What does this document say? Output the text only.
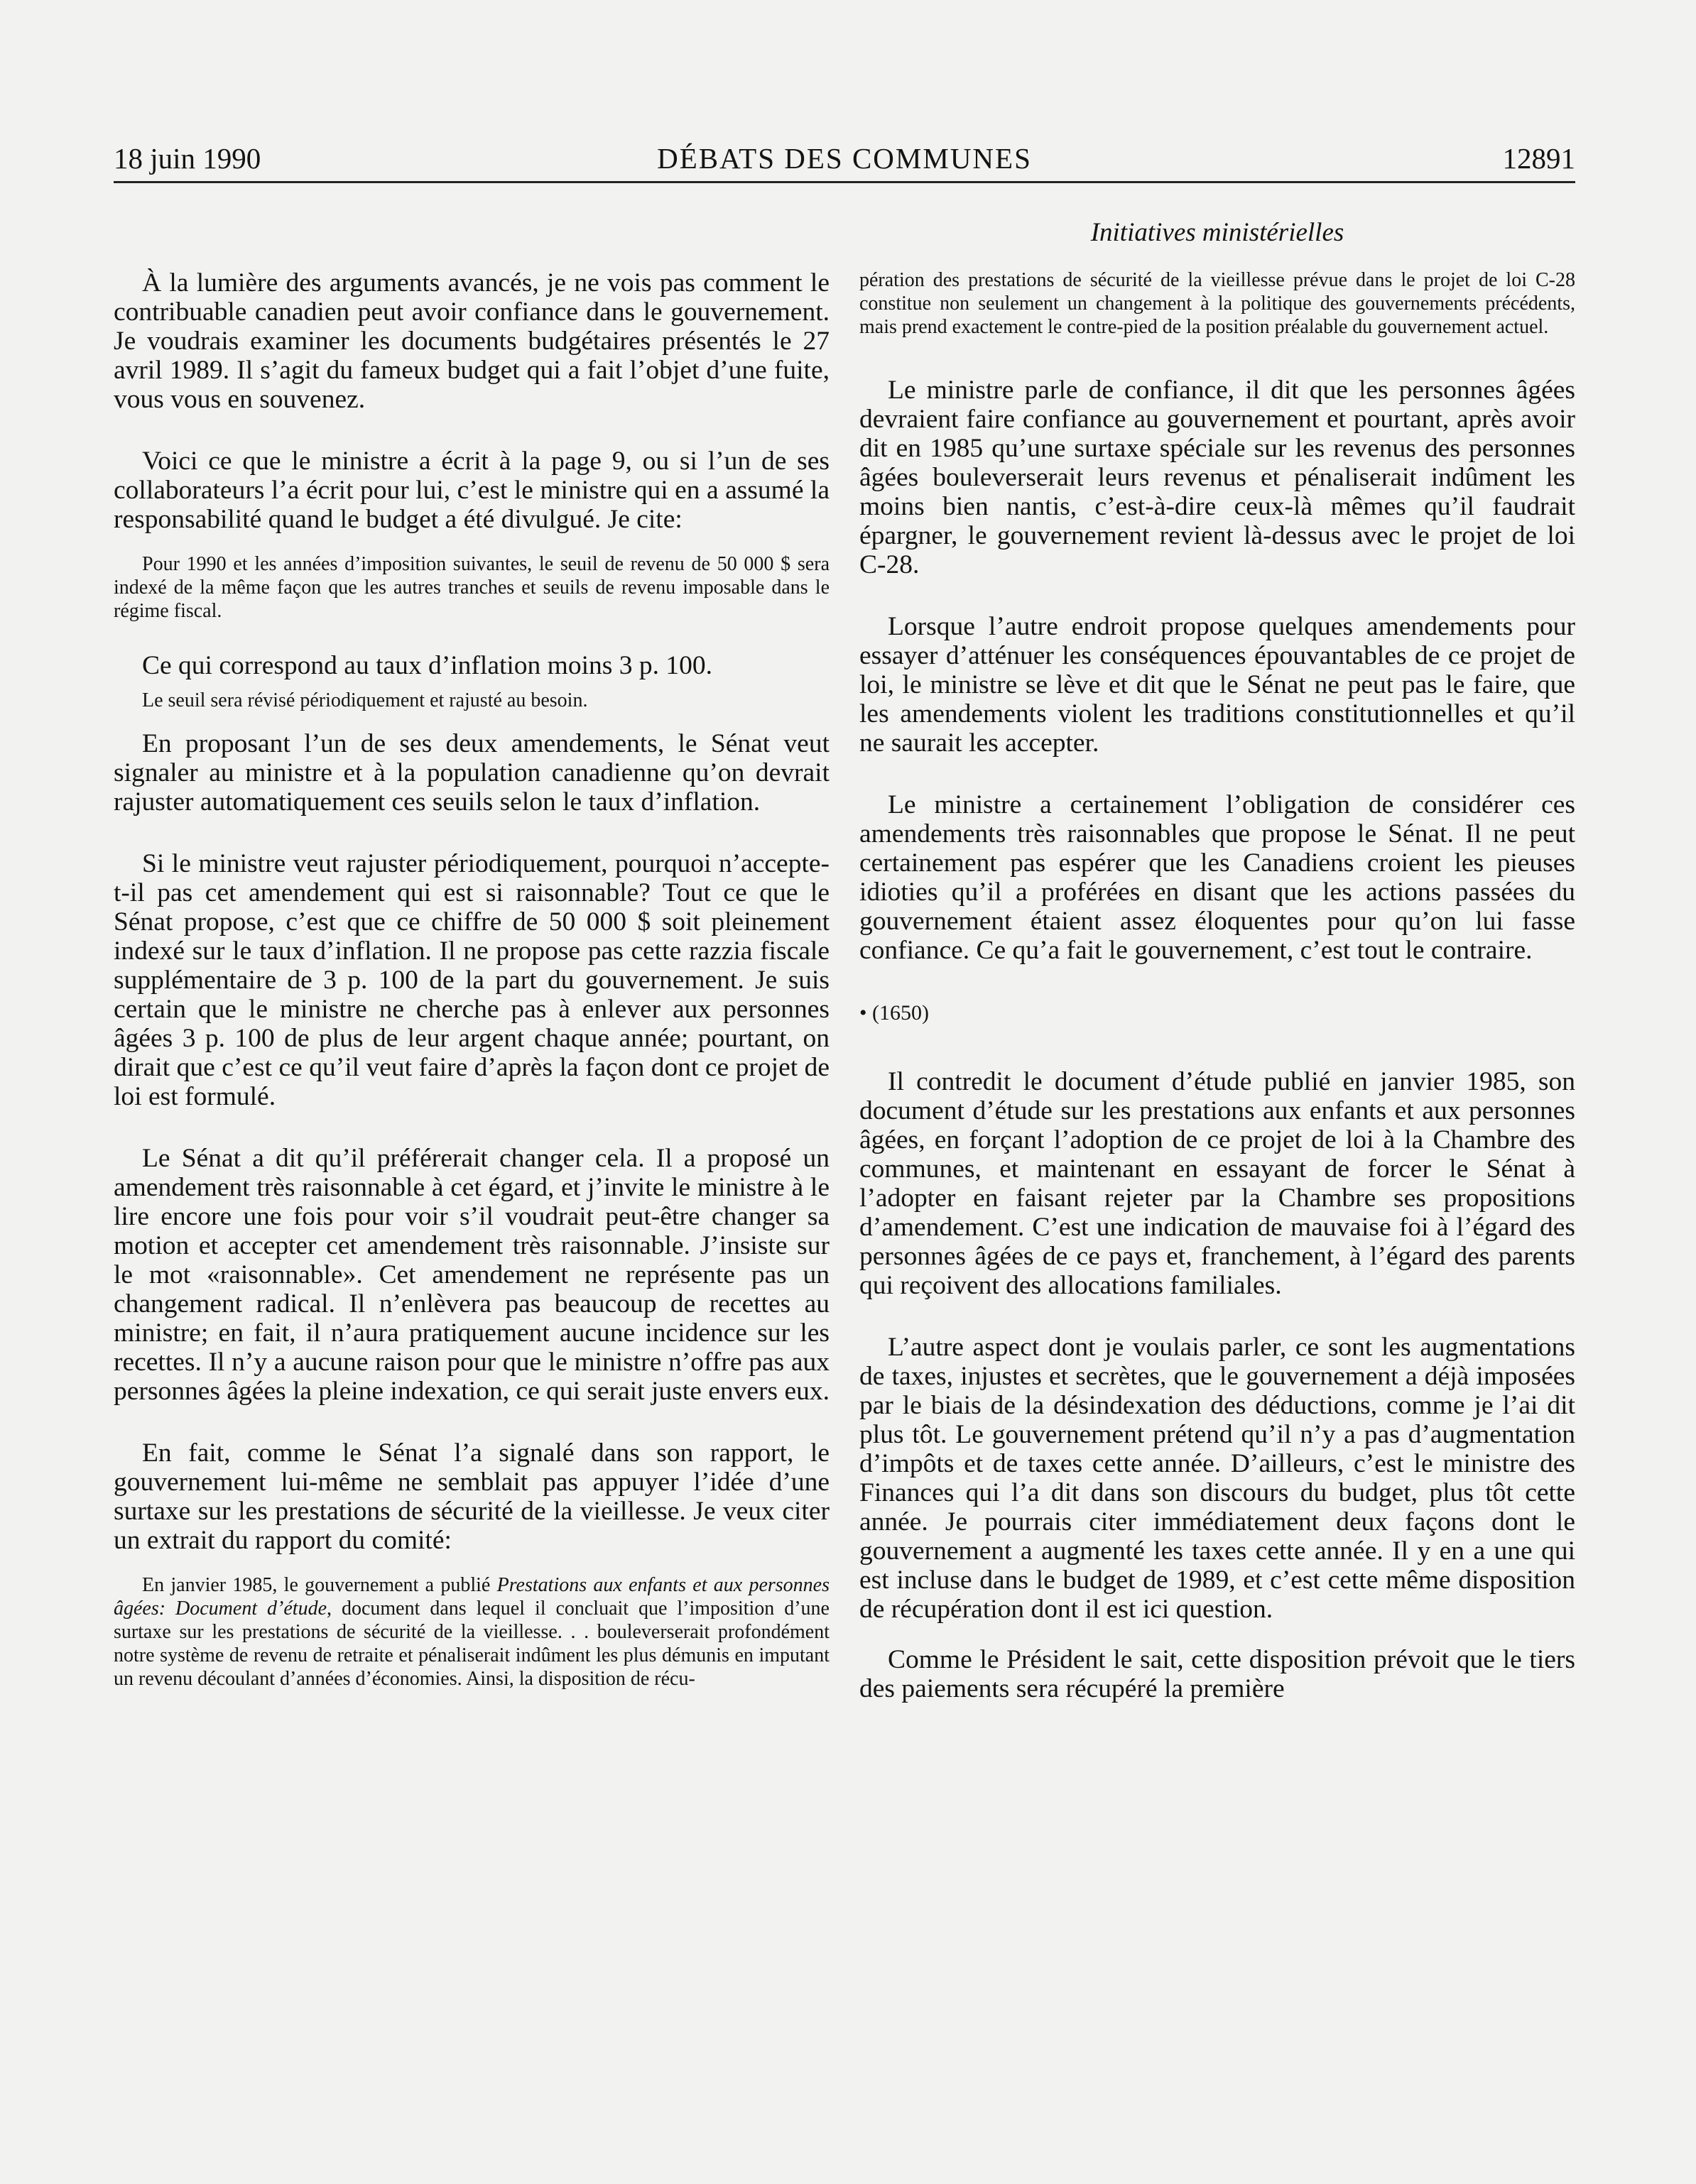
18 juin 1990	DÉBATS DES COMMUNES	12891
Initiatives ministérielles

À la lumière des arguments avancés, je ne vois pas comment le contribuable canadien peut avoir confiance dans le gouvernement. Je voudrais examiner les documents budgétaires présentés le 27 avril 1989. Il s’agit du fameux budget qui a fait l’objet d’une fuite, vous vous en souvenez.

Voici ce que le ministre a écrit à la page 9, ou si l’un de ses collaborateurs l’a écrit pour lui, c’est le ministre qui en a assumé la responsabilité quand le budget a été divulgué. Je cite:

Pour 1990 et les années d’imposition suivantes, le seuil de revenu de 50 000 $ sera indexé de la même façon que les autres tranches et seuils de revenu imposable dans le régime fiscal.

Ce qui correspond au taux d’inflation moins 3 p. 100.

Le seuil sera révisé périodiquement et rajusté au besoin.

En proposant l’un de ses deux amendements, le Sénat veut signaler au ministre et à la population canadienne qu’on devrait rajuster automatiquement ces seuils selon le taux d’inflation.

Si le ministre veut rajuster périodiquement, pourquoi n’accepte-t-il pas cet amendement qui est si raisonnable? Tout ce que le Sénat propose, c’est que ce chiffre de 50 000 $ soit pleinement indexé sur le taux d’inflation. Il ne propose pas cette razzia fiscale supplémentaire de 3 p. 100 de la part du gouvernement. Je suis certain que le ministre ne cherche pas à enlever aux personnes âgées 3 p. 100 de plus de leur argent chaque année; pourtant, on dirait que c’est ce qu’il veut faire d’après la façon dont ce projet de loi est formulé.

Le Sénat a dit qu’il préférerait changer cela. Il a proposé un amendement très raisonnable à cet égard, et j’invite le ministre à le lire encore une fois pour voir s’il voudrait peut-être changer sa motion et accepter cet amendement très raisonnable. J’insiste sur le mot «raisonnable». Cet amendement ne représente pas un changement radical. Il n’enlèvera pas beaucoup de recettes au ministre; en fait, il n’aura pratiquement aucune incidence sur les recettes. Il n’y a aucune raison pour que le ministre n’offre pas aux personnes âgées la pleine indexation, ce qui serait juste envers eux.

En fait, comme le Sénat l’a signalé dans son rapport, le gouvernement lui-même ne semblait pas appuyer l’idée d’une surtaxe sur les prestations de sécurité de la vieillesse. Je veux citer un extrait du rapport du comité:

En janvier 1985, le gouvernement a publié Prestations aux enfants et aux personnes âgées: Document d’étude, document dans lequel il concluait que l’imposition d’une surtaxe sur les prestations de sécurité de la vieillesse. . . bouleverserait profondément notre système de revenu de retraite et pénaliserait indûment les plus démunis en imputant un revenu découlant d’années d’économies. Ainsi, la disposition de récu-

pération des prestations de sécurité de la vieillesse prévue dans le projet de loi C-28 constitue non seulement un changement à la politique des gouvernements précédents, mais prend exactement le contre-pied de la position préalable du gouvernement actuel.

Le ministre parle de confiance, il dit que les personnes âgées devraient faire confiance au gouvernement et pourtant, après avoir dit en 1985 qu’une surtaxe spéciale sur les revenus des personnes âgées bouleverserait leurs revenus et pénaliserait indûment les moins bien nantis, c’est-à-dire ceux-là mêmes qu’il faudrait épargner, le gouvernement revient là-dessus avec le projet de loi C-28.

Lorsque l’autre endroit propose quelques amendements pour essayer d’atténuer les conséquences épouvantables de ce projet de loi, le ministre se lève et dit que le Sénat ne peut pas le faire, que les amendements violent les traditions constitutionnelles et qu’il ne saurait les accepter.

Le ministre a certainement l’obligation de considérer ces amendements très raisonnables que propose le Sénat. Il ne peut certainement pas espérer que les Canadiens croient les pieuses idioties qu’il a proférées en disant que les actions passées du gouvernement étaient assez éloquentes pour qu’on lui fasse confiance. Ce qu’a fait le gouvernement, c’est tout le contraire.

• (1650)

Il contredit le document d’étude publié en janvier 1985, son document d’étude sur les prestations aux enfants et aux personnes âgées, en forçant l’adoption de ce projet de loi à la Chambre des communes, et maintenant en essayant de forcer le Sénat à l’adopter en faisant rejeter par la Chambre ses propositions d’amendement. C’est une indication de mauvaise foi à l’égard des personnes âgées de ce pays et, franchement, à l’égard des parents qui reçoivent des allocations familiales.

L’autre aspect dont je voulais parler, ce sont les augmentations de taxes, injustes et secrètes, que le gouvernement a déjà imposées par le biais de la désindexation des déductions, comme je l’ai dit plus tôt. Le gouvernement prétend qu’il n’y a pas d’augmentation d’impôts et de taxes cette année. D’ailleurs, c’est le ministre des Finances qui l’a dit dans son discours du budget, plus tôt cette année. Je pourrais citer immédiatement deux façons dont le gouvernement a augmenté les taxes cette année. Il y en a une qui est incluse dans le budget de 1989, et c’est cette même disposition de récupération dont il est ici question.

Comme le Président le sait, cette disposition prévoit que le tiers des paiements sera récupéré la première
